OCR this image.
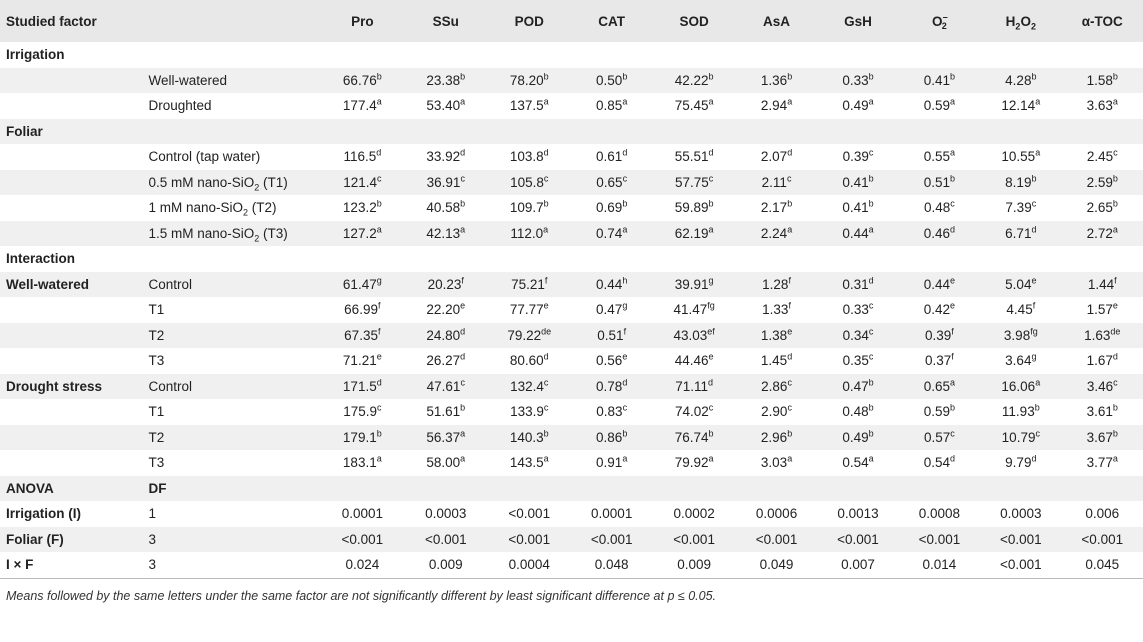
Studied factor		Pro	SSu	POD	CAT	SOD	AsA	GsH	$O^-_2$	$H_2O_2$	α-TOC
Irrigation											
	Well-watered	66.76$^b$	23.38$^b$	78.20$^b$	0.50$^b$	42.22$^b$	1.36$^b$	0.33$^b$	0.41$^b$	4.28$^b$	1.58$^b$
	Droughted	177.4$^a$	53.40$^a$	137.5$^a$	0.85$^a$	75.45$^a$	2.94$^a$	0.49$^a$	0.59$^a$	12.14$^a$	3.63$^a$
Foliar											
	Control (tap water)	116.5$^d$	33.92$^d$	103.8$^d$	0.61$^d$	55.51$^d$	2.07$^d$	0.39$^c$	0.55$^a$	10.55$^a$	2.45$^c$
	0.5 mM nano-SiO$_2$ (T1)	121.4$^c$	36.91$^c$	105.8$^c$	0.65$^c$	57.75$^c$	2.11$^c$	0.41$^b$	0.51$^b$	8.19$^b$	2.59$^b$
	1 mM nano-SiO$_2$ (T2)	123.2$^b$	40.58$^b$	109.7$^b$	0.69$^b$	59.89$^b$	2.17$^b$	0.41$^b$	0.48$^c$	7.39$^c$	2.65$^b$
	1.5 mM nano-SiO$_2$ (T3)	127.2$^a$	42.13$^a$	112.0$^a$	0.74$^a$	62.19$^a$	2.24$^a$	0.44$^a$	0.46$^d$	6.71$^d$	2.72$^a$
Interaction											
Well-watered	Control	61.47$^g$	20.23$^f$	75.21$^f$	0.44$^h$	39.91$^g$	1.28$^f$	0.31$^d$	0.44e	5.04e	1.44$^f$
	T1	66.99$^f$	22.20e	77.77e	0.47$^g$	41.47$^{fg}$	1.33$^f$	0.33$^c$	0.42e	4.45$^f$	1.57e
	T2	67.35$^f$	24.80$^d$	79.22de	0.51$^f$	43.03$^{ef}$	1.38e	0.34$^c$	0.39$^f$	3.98$^{fg}$	1.63de
	T3	71.21e	26.27$^d$	80.60$^d$	0.56e	44.46e	1.45$^d$	0.35$^c$	0.37$^f$	3.64$^g$	1.67$^d$
Drought stress	Control	171.5$^d$	47.61$^c$	132.4$^c$	0.78$^d$	71.11$^d$	2.86$^c$	0.47$^b$	0.65$^a$	16.06$^a$	3.46$^c$
	T1	175.9$^c$	51.61$^b$	133.9$^c$	0.83$^c$	74.02$^c$	2.90$^c$	0.48$^b$	0.59$^b$	11.93$^b$	3.61$^b$
	T2	179.1$^b$	56.37$^a$	140.3$^b$	0.86$^b$	76.74$^b$	2.96$^b$	0.49$^b$	0.57$^c$	10.79$^c$	3.67$^b$
	T3	183.1$^a$	58.00$^a$	143.5$^a$	0.91$^a$	79.92$^a$	3.03$^a$	0.54$^a$	0.54$^d$	9.79$^d$	3.77$^a$
ANOVA	DF										
Irrigation (I)	1	0.0001	0.0003	<0.001	0.0001	0.0002	0.0006	0.0013	0.0008	0.0003	0.006
Foliar (F)	3	<0.001	<0.001	<0.001	<0.001	<0.001	<0.001	<0.001	<0.001	<0.001	<0.001
I × F	3	0.024	0.009	0.0004	0.048	0.009	0.049	0.007	0.014	<0.001	0.045
Means followed by the same letters under the same factor are not significantly different by least significant difference at p ≤ 0.05.
